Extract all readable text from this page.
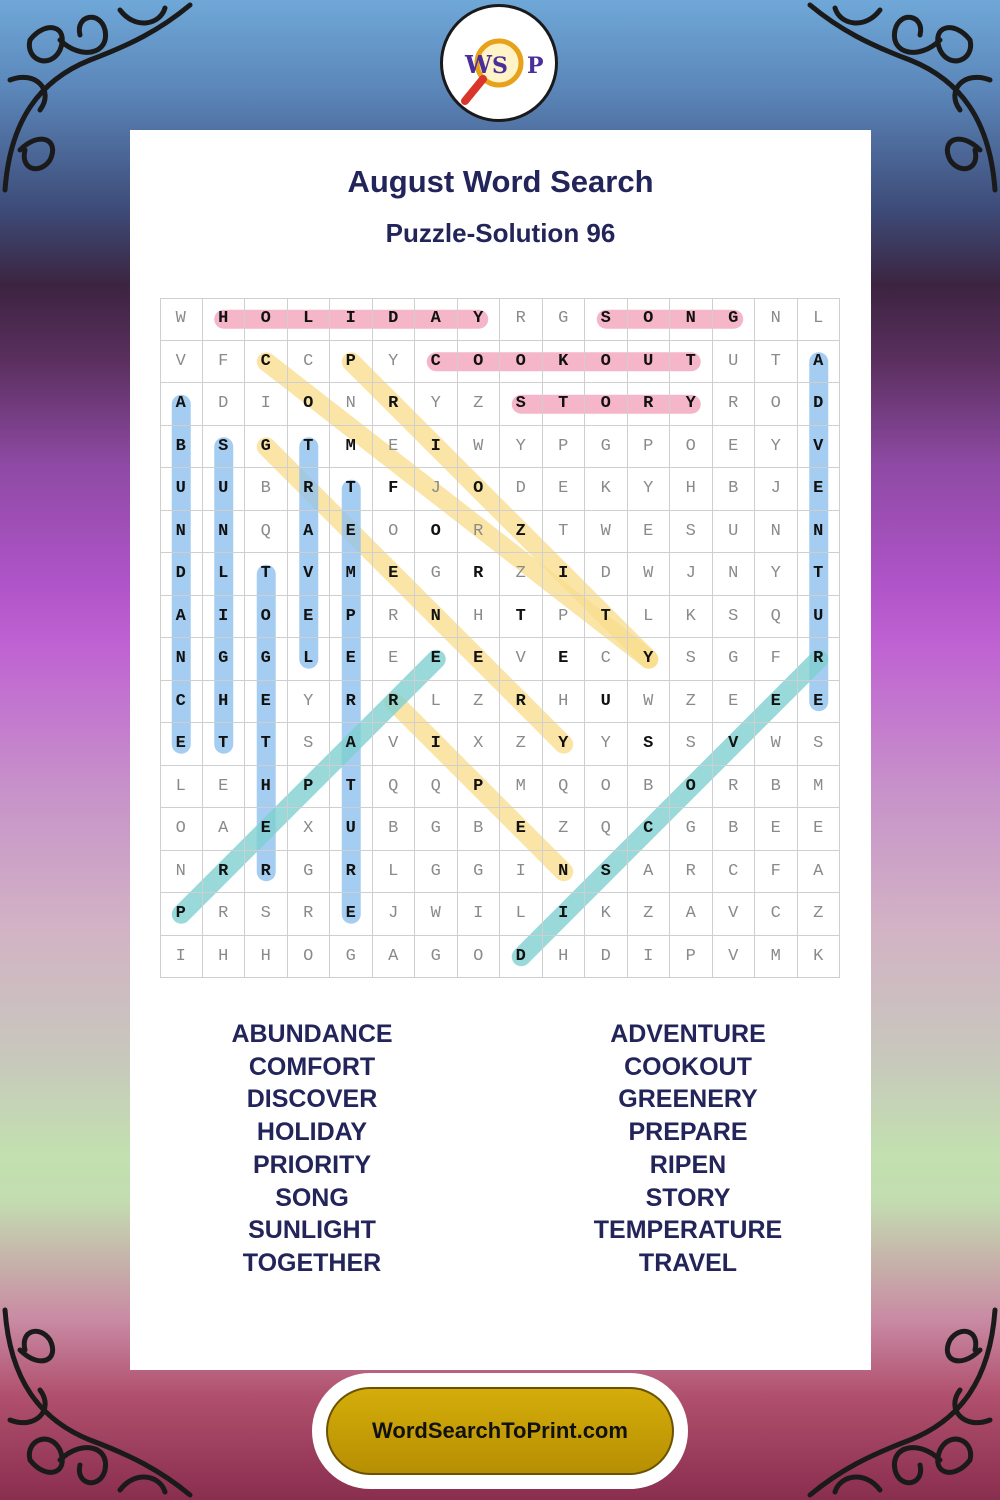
W S P
August Word Search
Puzzle-Solution 96
W	H	O	L	I	D	A	Y	R	G	S	O	N	G	N	L
V	F	C	C	P	Y	C	O	O	K	O	U	T	U	T	A
A	D	I	O	N	R	Y	Z	S	T	O	R	Y	R	O	D
B	S	G	T	M	E	I	W	Y	P	G	P	O	E	Y	V
U	U	B	R	T	F	J	O	D	E	K	Y	H	B	J	E
N	N	Q	A	E	O	O	R	Z	T	W	E	S	U	N	N
D	L	T	V	M	E	G	R	Z	I	D	W	J	N	Y	T
A	I	O	E	P	R	N	H	T	P	T	L	K	S	Q	U
N	G	G	L	E	E	E	E	V	E	C	Y	S	G	F	R
C	H	E	Y	R	R	L	Z	R	H	U	W	Z	E	E	E
E	T	T	S	A	V	I	X	Z	Y	Y	S	S	V	W	S
L	E	H	P	T	Q	Q	P	M	Q	O	B	O	R	B	M
O	A	E	X	U	B	G	B	E	Z	Q	C	G	B	E	E
N	R	R	G	R	L	G	G	I	N	S	A	R	C	F	A
P	R	S	R	E	J	W	I	L	I	K	Z	A	V	C	Z
I	H	H	O	G	A	G	O	D	H	D	I	P	V	M	K
ABUNDANCE
COMFORT
DISCOVER
HOLIDAY
PRIORITY
SONG
SUNLIGHT
TOGETHER
ADVENTURE
COOKOUT
GREENERY
PREPARE
RIPEN
STORY
TEMPERATURE
TRAVEL
WordSearchToPrint.com
